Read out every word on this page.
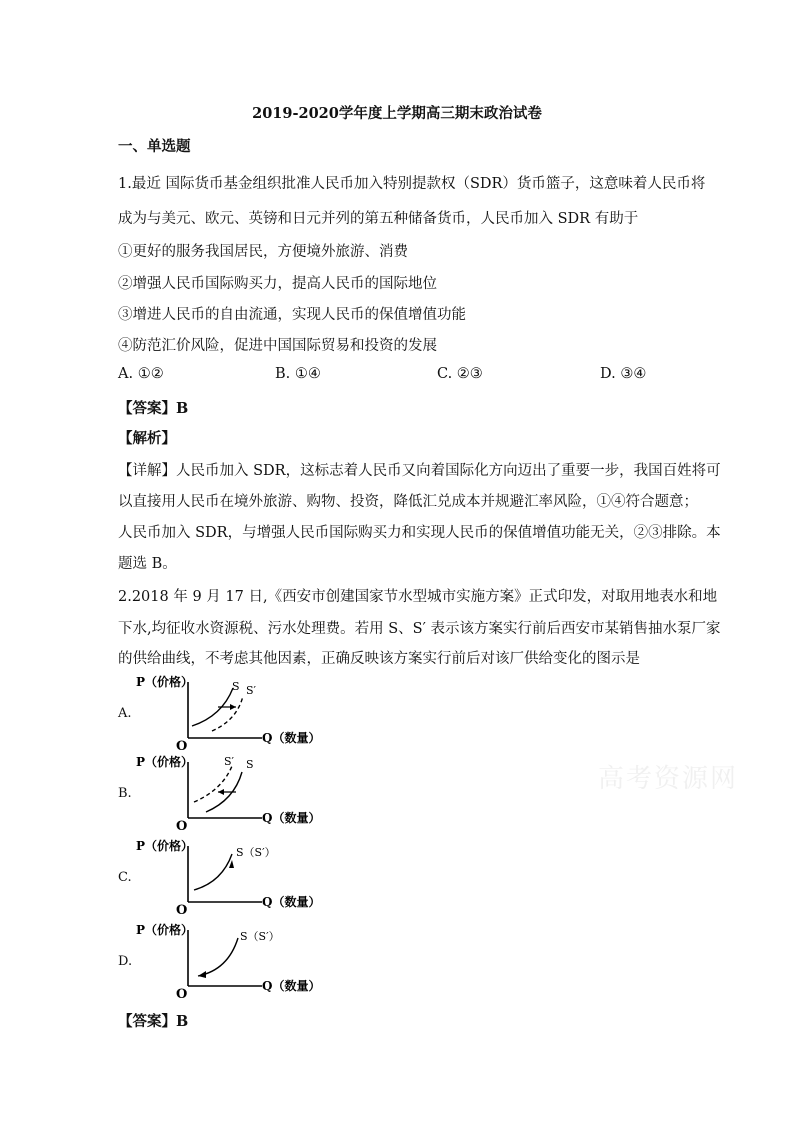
2019-2020学年度上学期高三期末政治试卷
一、单选题
1.最近 国际货币基金组织批准人民币加入特别提款权（SDR）货币篮子，这意味着人民币将
成为与美元、欧元、英镑和日元并列的第五种储备货币，人民币加入 SDR 有助于
①更好的服务我国居民，方便境外旅游、消费
②增强人民币国际购买力，提高人民币的国际地位
③增进人民币的自由流通，实现人民币的保值增值功能
④防范汇价风险，促进中国国际贸易和投资的发展
A. ①②	B. ①④	C. ②③	D. ③④
【答案】B
【解析】
【详解】人民币加入 SDR，这标志着人民币又向着国际化方向迈出了重要一步，我国百姓将可
以直接用人民币在境外旅游、购物、投资，降低汇兑成本并规避汇率风险，①④符合题意；
人民币加入 SDR，与增强人民币国际购买力和实现人民币的保值增值功能无关，②③排除。本
题选 B。
2.2018 年 9 月 17 日,《西安市创建国家节水型城市实施方案》正式印发，对取用地表水和地
下水,均征收水资源税、污水处理费。若用 S、S′ 表示该方案实行前后西安市某销售抽水泵厂家
的供给曲线，不考虑其他因素，正确反映该方案实行前后对该厂供给变化的图示是
A.
P（价格）
O
Q（数量）
S S′
B.
P（价格）
O
Q（数量）
S′ S
C.
P（价格）
O
Q（数量）
S（S′）
D.
P（价格）
O
Q（数量）
S（S′）
【答案】B
高考资源网
